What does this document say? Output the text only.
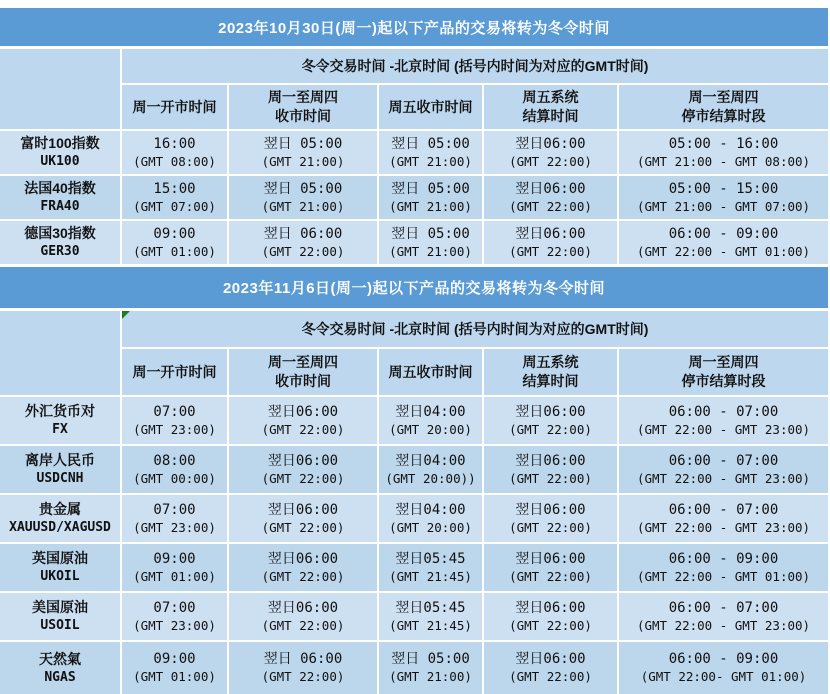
2023年10月30日(周一)起以下产品的交易将转为冬令时间
冬令交易时间 -北京时间 (括号内时间为对应的GMT时间)
周一开市时间
周一至周四
收市时间
周五收市时间
周五系统
结算时间
周一至周四
停市结算时段
富时100指数
UK100
16:00
(GMT 08:00)
翌日 05:00
(GMT 21:00)
翌日 05:00
(GMT 21:00)
翌日06:00
(GMT 22:00)
05:00 - 16:00
(GMT 21:00 - GMT 08:00)
法国40指数
FRA40
15:00
(GMT 07:00)
翌日 05:00
(GMT 21:00)
翌日 05:00
(GMT 21:00)
翌日06:00
(GMT 22:00)
05:00 - 15:00
(GMT 21:00 - GMT 07:00)
德国30指数
GER30
09:00
(GMT 01:00)
翌日 06:00
(GMT 22:00)
翌日 05:00
(GMT 21:00)
翌日06:00
(GMT 22:00)
06:00 - 09:00
(GMT 22:00 - GMT 01:00)
2023年11月6日(周一)起以下产品的交易将转为冬令时间
冬令交易时间 -北京时间 (括号内时间为对应的GMT时间)
周一开市时间
周一至周四
收市时间
周五收市时间
周五系统
结算时间
周一至周四
停市结算时段
外汇货币对
FX
07:00
(GMT 23:00)
翌日06:00
(GMT 22:00)
翌日04:00
(GMT 20:00)
翌日06:00
(GMT 22:00)
06:00 - 07:00
(GMT 22:00 - GMT 23:00)
离岸人民币
USDCNH
08:00
(GMT 00:00)
翌日06:00
(GMT 22:00)
翌日04:00
(GMT 20:00))
翌日06:00
(GMT 22:00)
06:00 - 07:00
(GMT 22:00 - GMT 23:00)
贵金属
XAUUSD/XAGUSD
07:00
(GMT 23:00)
翌日06:00
(GMT 22:00)
翌日04:00
(GMT 20:00)
翌日06:00
(GMT 22:00)
06:00 - 07:00
(GMT 22:00 - GMT 23:00)
英国原油
UKOIL
09:00
(GMT 01:00)
翌日06:00
(GMT 22:00)
翌日05:45
(GMT 21:45)
翌日06:00
(GMT 22:00)
06:00 - 09:00
(GMT 22:00 - GMT 01:00)
美国原油
USOIL
07:00
(GMT 23:00)
翌日06:00
(GMT 22:00)
翌日05:45
(GMT 21:45)
翌日06:00
(GMT 22:00)
06:00 - 07:00
(GMT 22:00 - GMT 23:00)
天然氣
NGAS
09:00
(GMT 01:00)
翌日 06:00
(GMT 22:00)
翌日 05:00
(GMT 21:00)
翌日06:00
(GMT 22:00)
06:00 - 09:00
(GMT 22:00- GMT 01:00)
